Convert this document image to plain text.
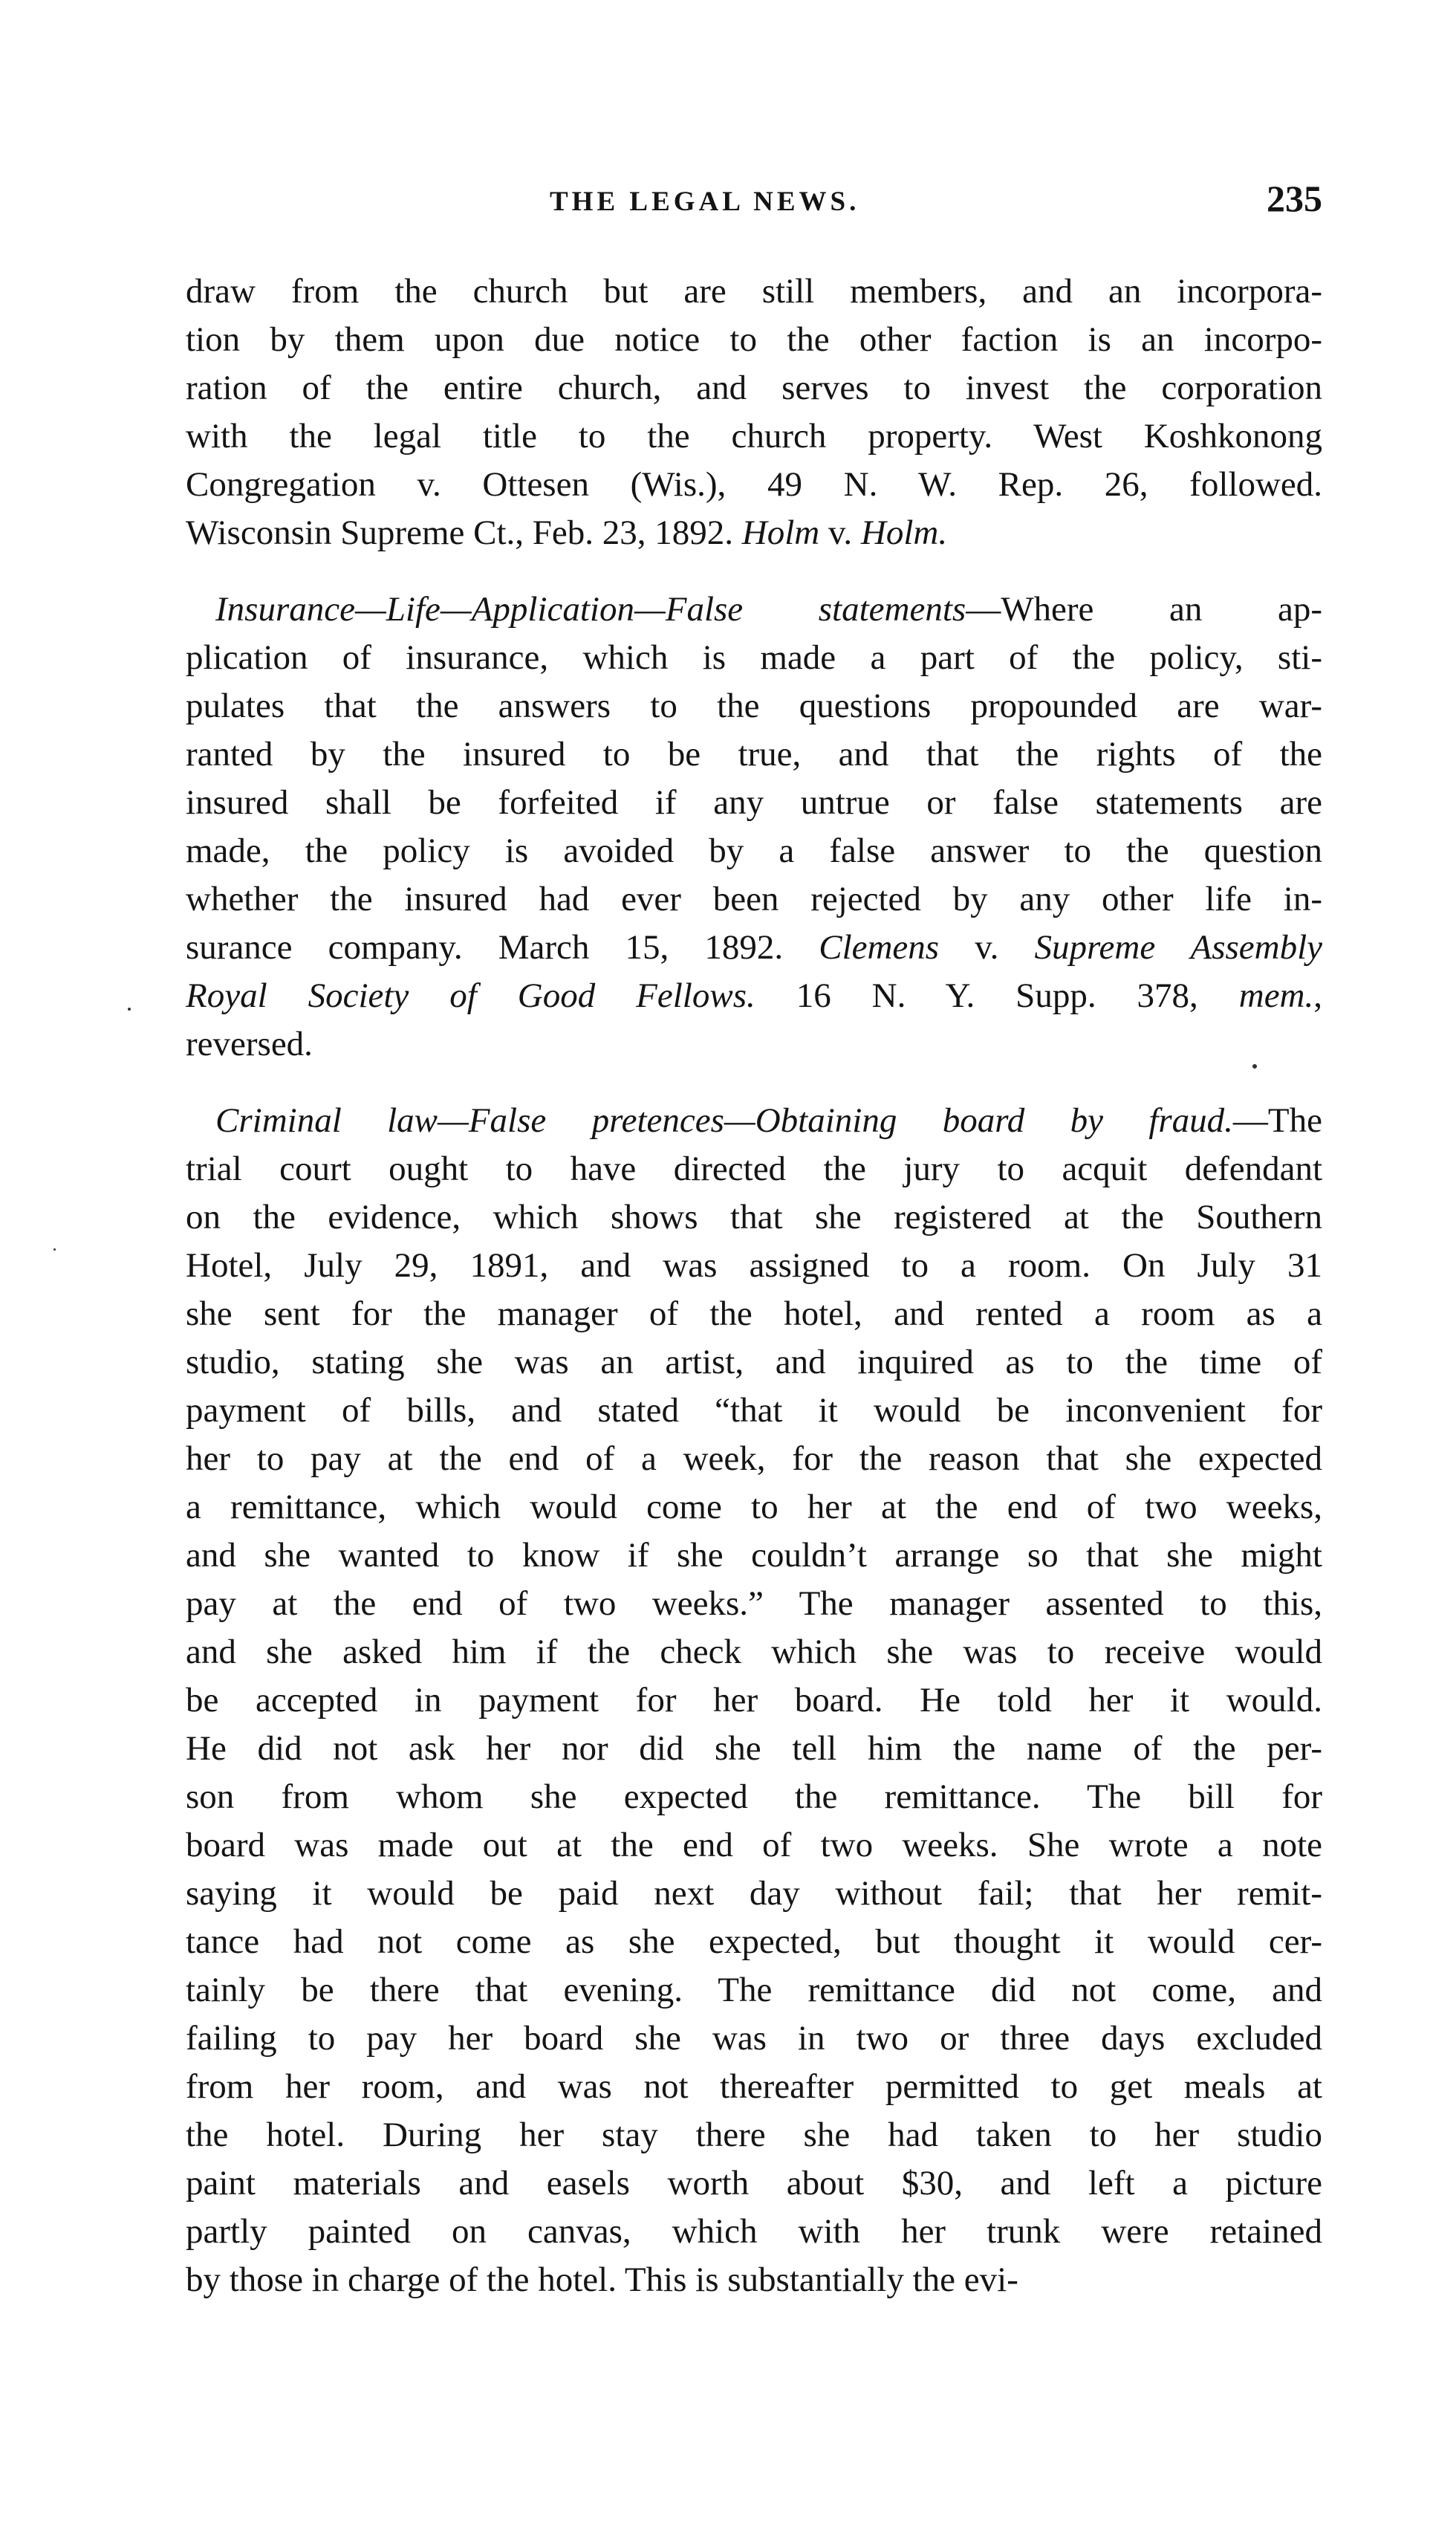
THE LEGAL NEWS.	235
draw from the church but are still members, and an incorpora-
tion by them upon due notice to the other faction is an incorpo-
ration of the entire church, and serves to invest the corporation
with the legal title to the church property. West Koshkonong
Congregation v. Ottesen (Wis.), 49 N. W. Rep. 26, followed.
Wisconsin Supreme Ct., Feb. 23, 1892. Holm v. Holm.
Insurance—Life—Application—False statements—Where an ap-
plication of insurance, which is made a part of the policy, sti-
pulates that the answers to the questions propounded are war-
ranted by the insured to be true, and that the rights of the
insured shall be forfeited if any untrue or false statements are
made, the policy is avoided by a false answer to the question
whether the insured had ever been rejected by any other life in-
surance company. March 15, 1892. Clemens v. Supreme Assembly
Royal Society of Good Fellows. 16 N. Y. Supp. 378, mem.,
reversed.
Criminal law—False pretences—Obtaining board by fraud.—The
trial court ought to have directed the jury to acquit defendant
on the evidence, which shows that she registered at the Southern
Hotel, July 29, 1891, and was assigned to a room. On July 31
she sent for the manager of the hotel, and rented a room as a
studio, stating she was an artist, and inquired as to the time of
payment of bills, and stated “that it would be inconvenient for
her to pay at the end of a week, for the reason that she expected
a remittance, which would come to her at the end of two weeks,
and she wanted to know if she couldn’t arrange so that she might
pay at the end of two weeks.” The manager assented to this,
and she asked him if the check which she was to receive would
be accepted in payment for her board. He told her it would.
He did not ask her nor did she tell him the name of the per-
son from whom she expected the remittance. The bill for
board was made out at the end of two weeks. She wrote a note
saying it would be paid next day without fail; that her remit-
tance had not come as she expected, but thought it would cer-
tainly be there that evening. The remittance did not come, and
failing to pay her board she was in two or three days excluded
from her room, and was not thereafter permitted to get meals at
the hotel. During her stay there she had taken to her studio
paint materials and easels worth about $30, and left a picture
partly painted on canvas, which with her trunk were retained
by those in charge of the hotel. This is substantially the evi-
